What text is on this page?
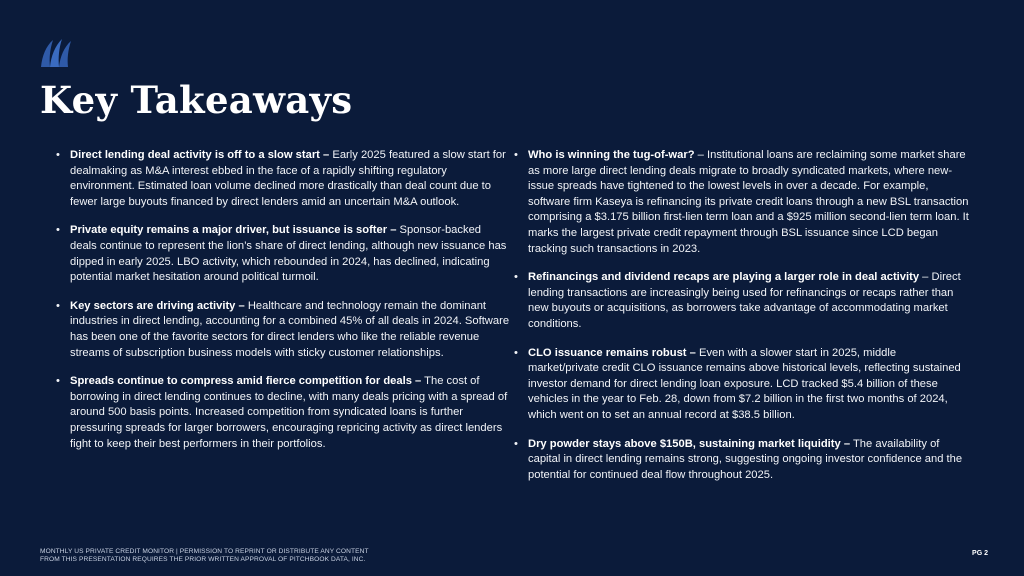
Key Takeaways
• Direct lending deal activity is off to a slow start – Early 2025 featured a slow start for dealmaking as M&A interest ebbed in the face of a rapidly shifting regulatory environment. Estimated loan volume declined more drastically than deal count due to fewer large buyouts financed by direct lenders amid an uncertain M&A outlook.
• Private equity remains a major driver, but issuance is softer – Sponsor-backed deals continue to represent the lion’s share of direct lending, although new issuance has dipped in early 2025. LBO activity, which rebounded in 2024, has declined, indicating potential market hesitation around political turmoil.
• Key sectors are driving activity – Healthcare and technology remain the dominant industries in direct lending, accounting for a combined 45% of all deals in 2024. Software has been one of the favorite sectors for direct lenders who like the reliable revenue streams of subscription business models with sticky customer relationships.
• Spreads continue to compress amid fierce competition for deals – The cost of borrowing in direct lending continues to decline, with many deals pricing with a spread of around 500 basis points. Increased competition from syndicated loans is further pressuring spreads for larger borrowers, encouraging repricing activity as direct lenders fight to keep their best performers in their portfolios.
• Who is winning the tug-of-war? – Institutional loans are reclaiming some market share as more large direct lending deals migrate to broadly syndicated markets, where new-issue spreads have tightened to the lowest levels in over a decade. For example, software firm Kaseya is refinancing its private credit loans through a new BSL transaction comprising a $3.175 billion first-lien term loan and a $925 million second-lien term loan. It marks the largest private credit repayment through BSL issuance since LCD began tracking such transactions in 2023.
• Refinancings and dividend recaps are playing a larger role in deal activity – Direct lending transactions are increasingly being used for refinancings or recaps rather than new buyouts or acquisitions, as borrowers take advantage of accommodating market conditions.
• CLO issuance remains robust – Even with a slower start in 2025, middle market/private credit CLO issuance remains above historical levels, reflecting sustained investor demand for direct lending loan exposure. LCD tracked $5.4 billion of these vehicles in the year to Feb. 28, down from $7.2 billion in the first two months of 2024, which went on to set an annual record at $38.5 billion.
• Dry powder stays above $150B, sustaining market liquidity – The availability of capital in direct lending remains strong, suggesting ongoing investor confidence and the potential for continued deal flow throughout 2025.
MONTHLY US PRIVATE CREDIT MONITOR | PERMISSION TO REPRINT OR DISTRIBUTE ANY CONTENT
FROM THIS PRESENTATION REQUIRES THE PRIOR WRITTEN APPROVAL OF PITCHBOOK DATA, INC.
PG 2
